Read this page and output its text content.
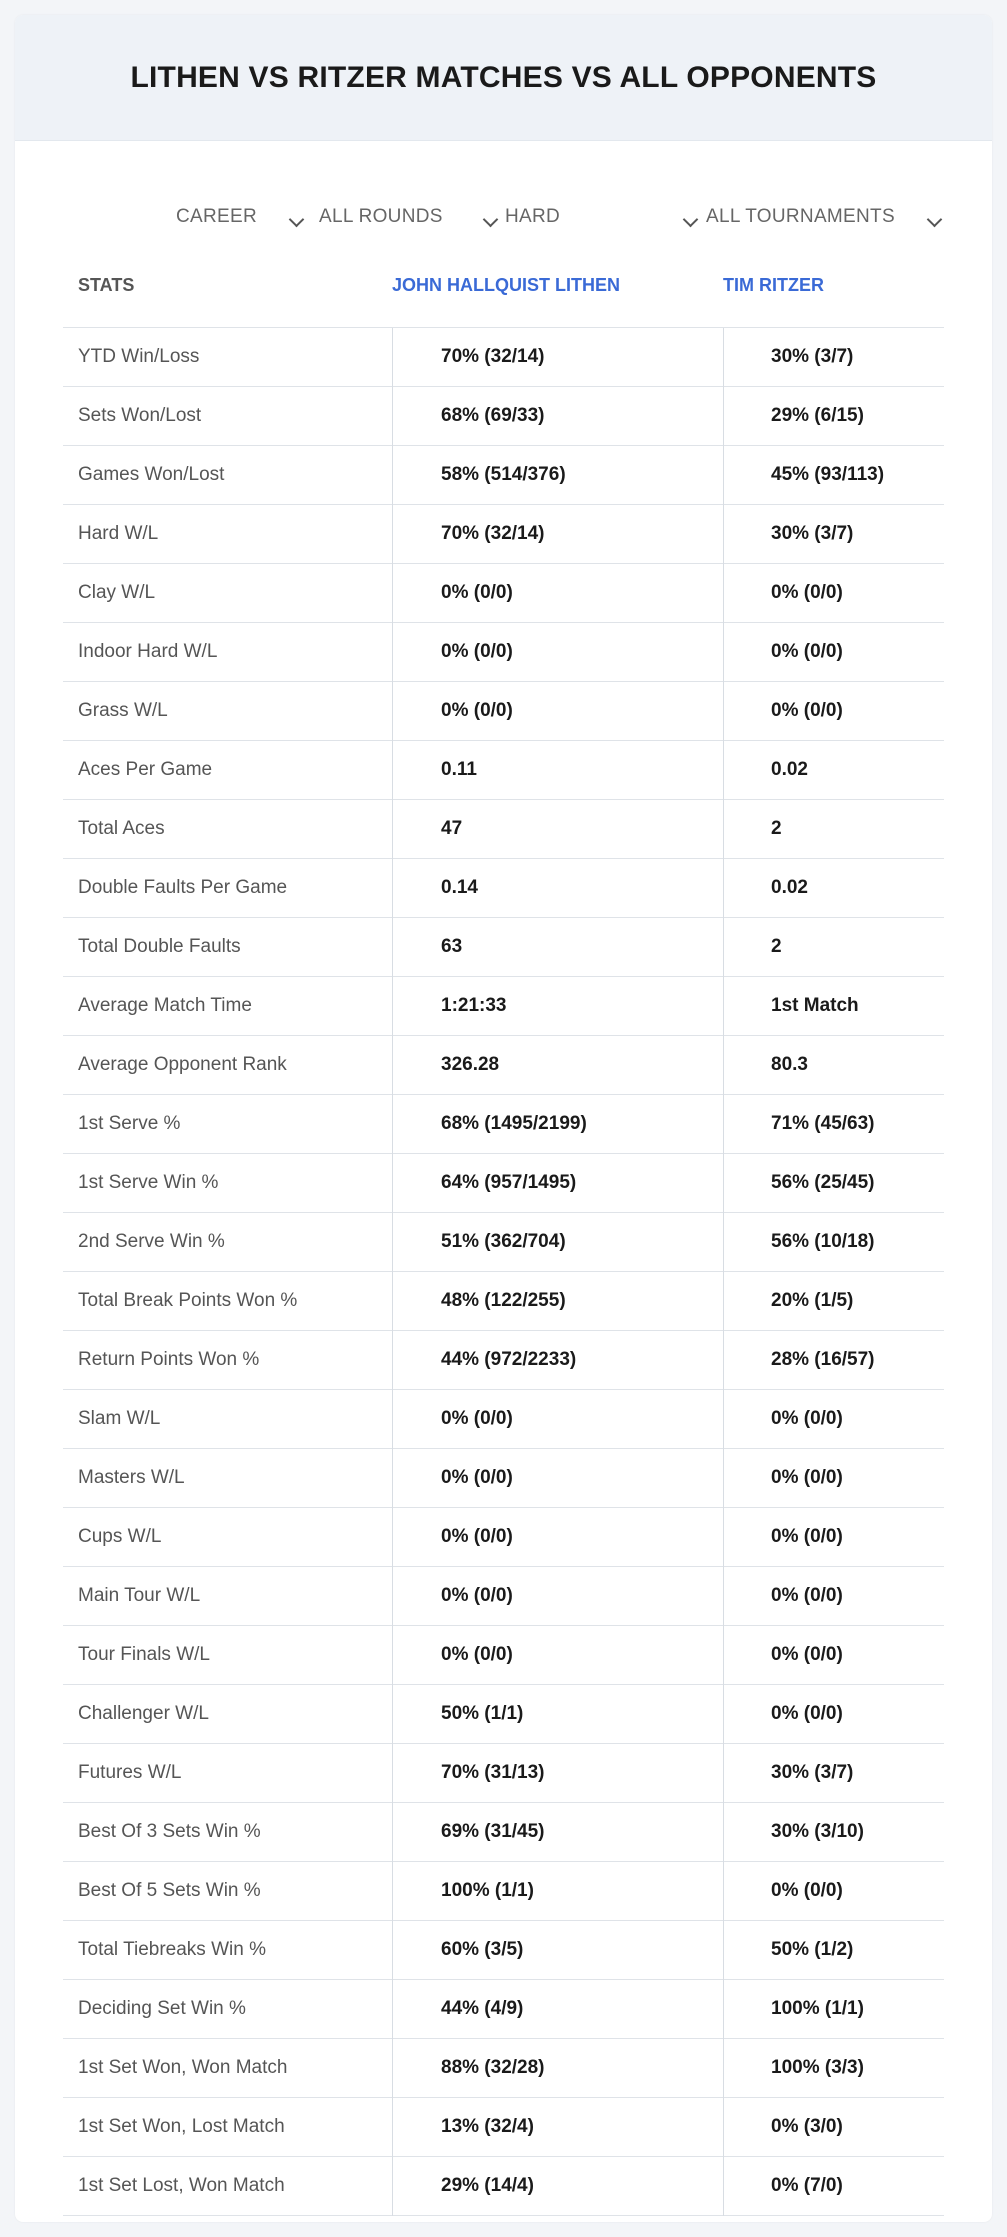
LITHEN VS RITZER MATCHES VS ALL OPPONENTS
CAREER	ALL ROUNDS	HARD	ALL TOURNAMENTS
STATS	JOHN HALLQUIST LITHEN	TIM RITZER
YTD Win/Loss	70% (32/14)	30% (3/7)
Sets Won/Lost	68% (69/33)	29% (6/15)
Games Won/Lost	58% (514/376)	45% (93/113)
Hard W/L	70% (32/14)	30% (3/7)
Clay W/L	0% (0/0)	0% (0/0)
Indoor Hard W/L	0% (0/0)	0% (0/0)
Grass W/L	0% (0/0)	0% (0/0)
Aces Per Game	0.11	0.02
Total Aces	47	2
Double Faults Per Game	0.14	0.02
Total Double Faults	63	2
Average Match Time	1:21:33	1st Match
Average Opponent Rank	326.28	80.3
1st Serve %	68% (1495/2199)	71% (45/63)
1st Serve Win %	64% (957/1495)	56% (25/45)
2nd Serve Win %	51% (362/704)	56% (10/18)
Total Break Points Won %	48% (122/255)	20% (1/5)
Return Points Won %	44% (972/2233)	28% (16/57)
Slam W/L	0% (0/0)	0% (0/0)
Masters W/L	0% (0/0)	0% (0/0)
Cups W/L	0% (0/0)	0% (0/0)
Main Tour W/L	0% (0/0)	0% (0/0)
Tour Finals W/L	0% (0/0)	0% (0/0)
Challenger W/L	50% (1/1)	0% (0/0)
Futures W/L	70% (31/13)	30% (3/7)
Best Of 3 Sets Win %	69% (31/45)	30% (3/10)
Best Of 5 Sets Win %	100% (1/1)	0% (0/0)
Total Tiebreaks Win %	60% (3/5)	50% (1/2)
Deciding Set Win %	44% (4/9)	100% (1/1)
1st Set Won, Won Match	88% (32/28)	100% (3/3)
1st Set Won, Lost Match	13% (32/4)	0% (3/0)
1st Set Lost, Won Match	29% (14/4)	0% (7/0)
